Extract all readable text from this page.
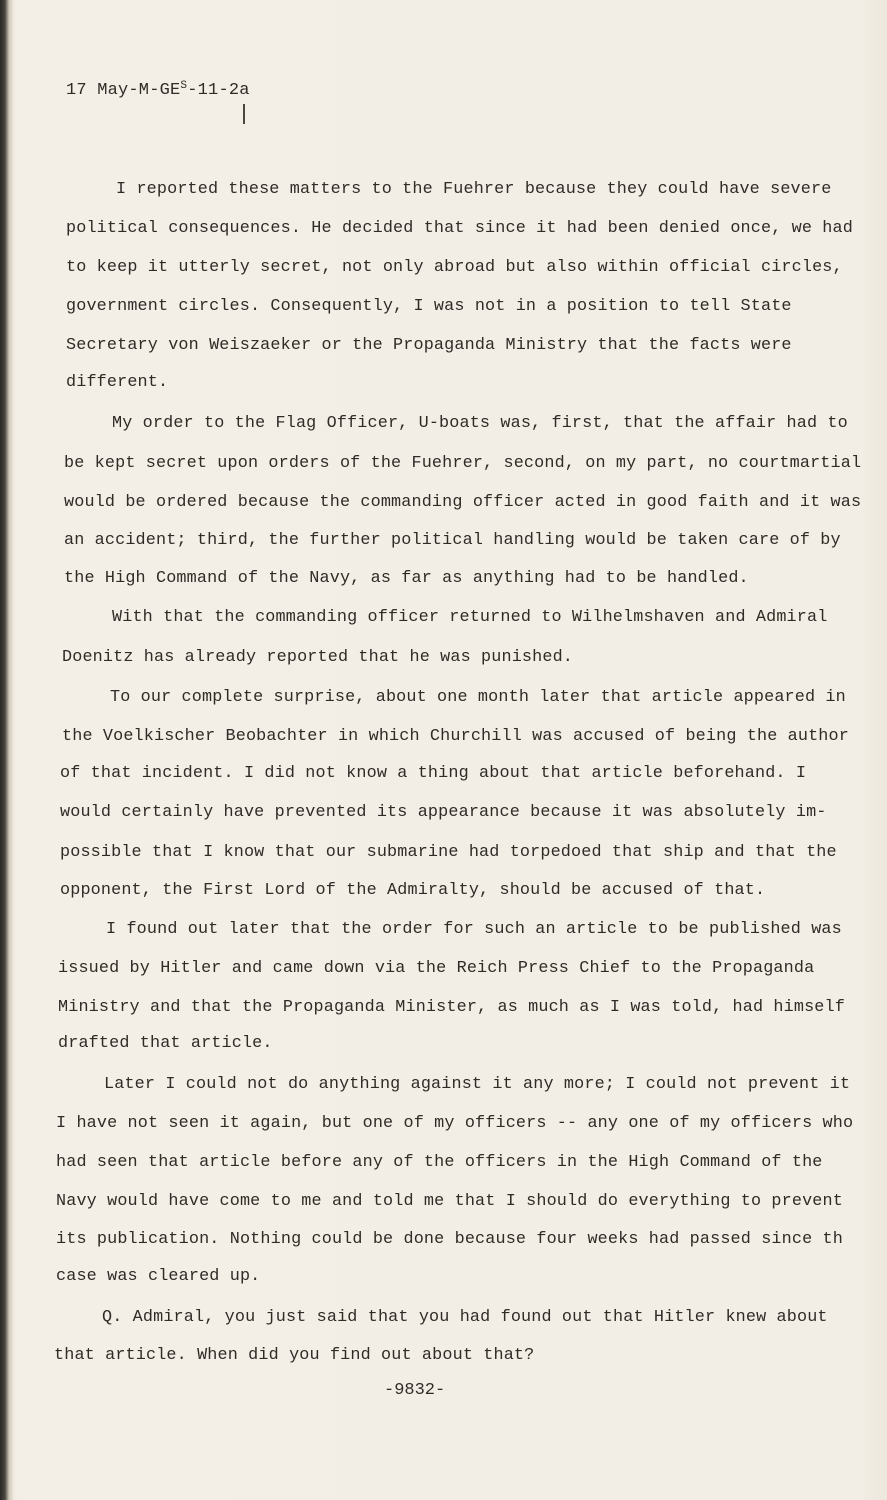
17 May-$M-GE^S-11-2a$
I reported these matters to the Fuehrer because they could have severe
political consequences. He decided that since it had been denied once, we had
to keep it utterly secret, not only abroad but also within official circles,
government circles. Consequently, I was not in a position to tell State
Secretary von Weiszaeker or the Propaganda Ministry that the facts were
different.
My order to the Flag Officer, U-boats was, first, that the affair had to
be kept secret upon orders of the Fuehrer, second, on my part, no courtmartial
would be ordered because the commanding officer acted in good faith and it was
an accident; third, the further political handling would be taken care of by
the High Command of the Navy, as far as anything had to be handled.
With that the commanding officer returned to Wilhelmshaven and Admiral
Doenitz has already reported that he was punished.
To our complete surprise, about one month later that article appeared in
the Voelkischer Beobachter in which Churchill was accused of being the author
of that incident. I did not know a thing about that article beforehand. I
would certainly have prevented its appearance because it was absolutely im-
possible that I know that our submarine had torpedoed that ship and that the
opponent, the First Lord of the Admiralty, should be accused of that.
I found out later that the order for such an article to be published was
issued by Hitler and came down via the Reich Press Chief to the Propaganda
Ministry and that the Propaganda Minister, as much as I was told, had himself
drafted that article.
Later I could not do anything against it any more; I could not prevent it
I have not seen it again, but one of my officers -- any one of my officers who
had seen that article before any of the officers in the High Command of the
Navy would have come to me and told me that I should do everything to prevent
its publication. Nothing could be done because four weeks had passed since th
case was cleared up.
Q. Admiral, you just said that you had found out that Hitler knew about
that article. When did you find out about that?
-9832-
